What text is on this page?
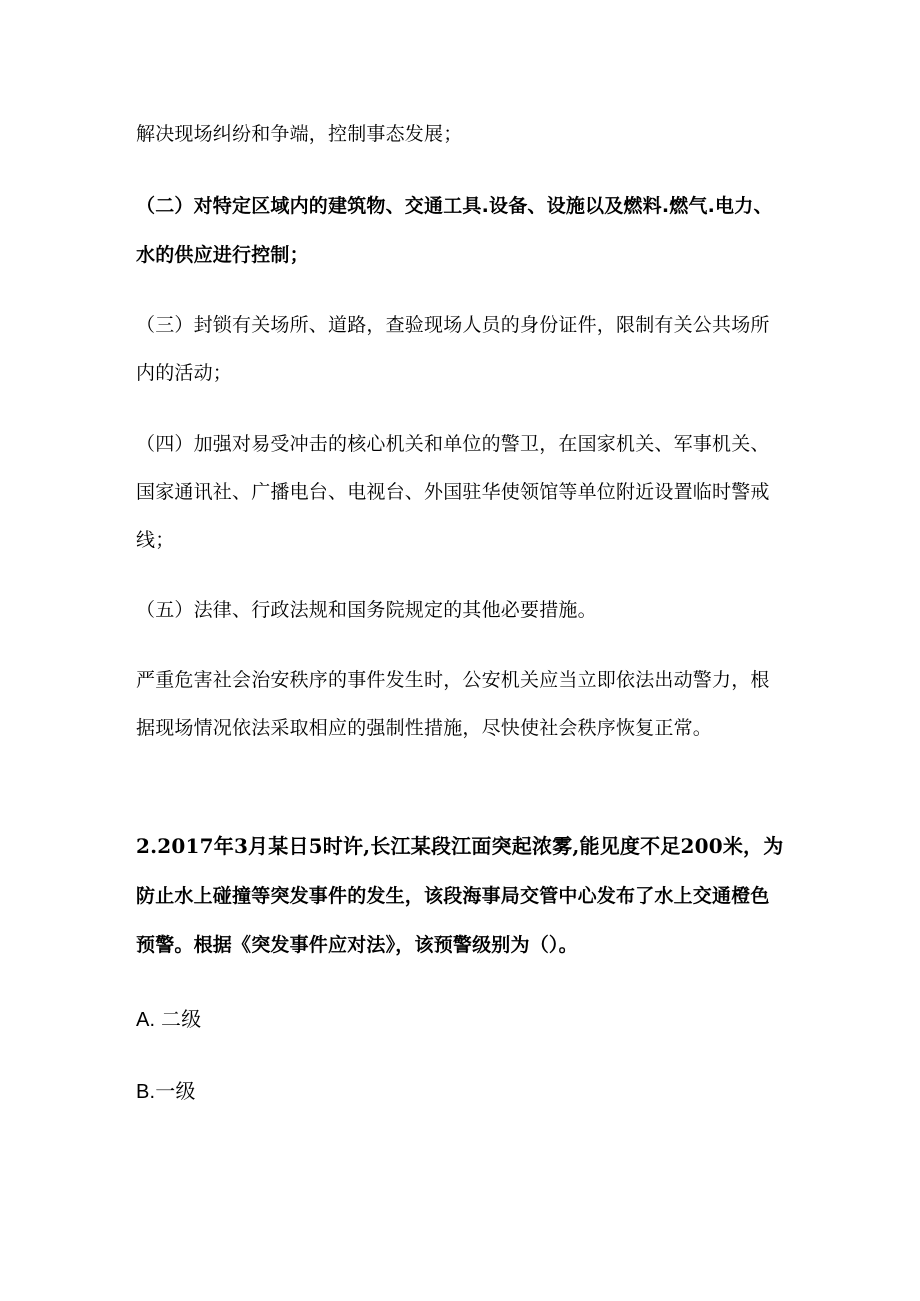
解决现场纠纷和争端，控制事态发展；
（二）对特定区域内的建筑物、交通工具.设备、设施以及燃料.燃气.电力、
水的供应进行控制；
（三）封锁有关场所、道路，查验现场人员的身份证件，限制有关公共场所
内的活动；
（四）加强对易受冲击的核心机关和单位的警卫，在国家机关、军事机关、
国家通讯社、广播电台、电视台、外国驻华使领馆等单位附近设置临时警戒
线；
（五）法律、行政法规和国务院规定的其他必要措施。
严重危害社会治安秩序的事件发生时，公安机关应当立即依法出动警力，根
据现场情况依法采取相应的强制性措施，尽快使社会秩序恢复正常。
2.2017年3月某日5时许,长江某段江面突起浓雾,能见度不足200米，为
防止水上碰撞等突发事件的发生，该段海事局交管中心发布了水上交通橙色
预警。根据《突发事件应对法》，该预警级别为（）。
A. 二级
B.一级
